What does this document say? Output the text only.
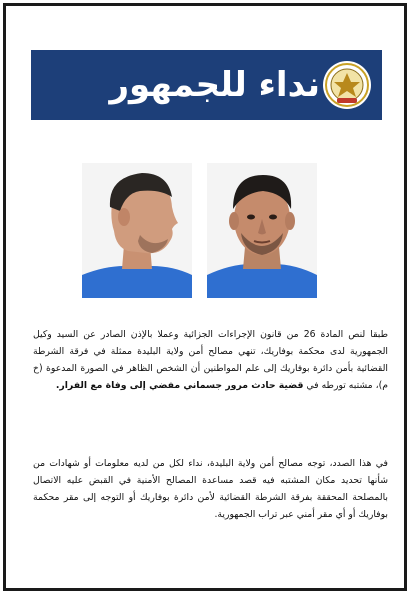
نداء للجمهور
طبقا لنص المادة 26 من قانون الإجراءات الجزائية وعملا بالإذن الصادر عن السيد وكيل الجمهورية لدى محكمة بوفاريك، تنهي مصالح أمن ولاية البليدة ممثلة في فرقة الشرطة القضائية بأمن دائرة بوفاريك إلى علم المواطنين أن الشخص الظاهر في الصورة المدعوة (خ م)، مشتبه تورطه في قضية حادث مرور جسماني مفضي إلى وفاة مع الفرار.
في هذا الصدد، توجه مصالح أمن ولاية البليدة، نداء لكل من لديه معلومات أو شهادات من شأنها تحديد مكان المشتبه فيه قصد مساعدة المصالح الأمنية في القبض عليه الاتصال بالمصلحة المحققة بفرقة الشرطة القضائية لأمن دائرة بوفاريك أو التوجه إلى مقر محكمة بوفاريك أو أي مقر أمني عبر تراب الجمهورية.
